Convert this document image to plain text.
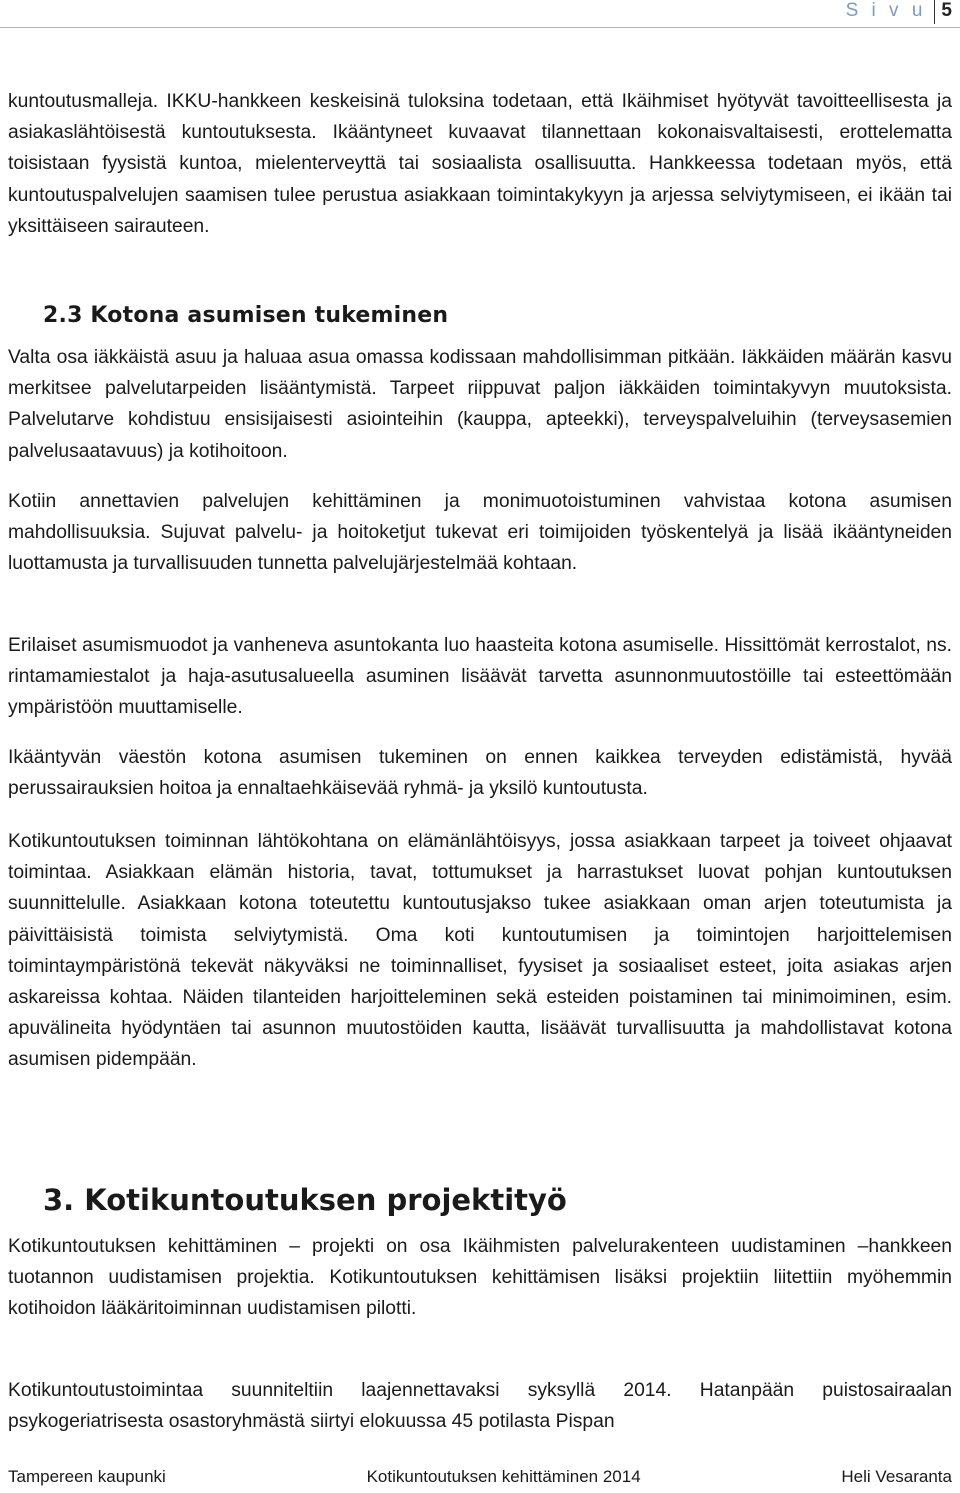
S i v u 5

kuntoutusmalleja. IKKU-hankkeen keskeisinä tuloksina todetaan, että Ikäihmiset hyötyvät tavoitteellisesta ja asiakaslähtöisestä kuntoutuksesta. Ikääntyneet kuvaavat tilannettaan kokonaisvaltaisesti, erottelematta toisistaan fyysistä kuntoa, mielenterveyttä tai sosiaalista osallisuutta. Hankkeessa todetaan myös, että kuntoutuspalvelujen saamisen tulee perustua asiakkaan toimintakykyyn ja arjessa selviytymiseen, ei ikään tai yksittäiseen sairauteen.

2.3 Kotona asumisen tukeminen

Valta osa iäkkäistä asuu ja haluaa asua omassa kodissaan mahdollisimman pitkään. Iäkkäiden määrän kasvu merkitsee palvelutarpeiden lisääntymistä. Tarpeet riippuvat paljon iäkkäiden toimintakyvyn muutoksista. Palvelutarve kohdistuu ensisijaisesti asiointeihin (kauppa, apteekki), terveyspalveluihin (terveysasemien palvelusaatavuus) ja kotihoitoon.

Kotiin annettavien palvelujen kehittäminen ja monimuotoistuminen vahvistaa kotona asumisen mahdollisuuksia. Sujuvat palvelu- ja hoitoketjut tukevat eri toimijoiden työskentelyä ja lisää ikääntyneiden luottamusta ja turvallisuuden tunnetta palvelujärjestelmää kohtaan.

Erilaiset asumismuodot ja vanheneva asuntokanta luo haasteita kotona asumiselle. Hissittömät kerrostalot, ns. rintamamiestalot ja haja-asutusalueella asuminen lisäävät tarvetta asunnonmuutostöille tai esteettömään ympäristöön muuttamiselle.

Ikääntyvän väestön kotona asumisen tukeminen on ennen kaikkea terveyden edistämistä, hyvää perussairauksien hoitoa ja ennaltaehkäisevää ryhmä- ja yksilö kuntoutusta.

Kotikuntoutuksen toiminnan lähtökohtana on elämänlähtöisyys, jossa asiakkaan tarpeet ja toiveet ohjaavat toimintaa. Asiakkaan elämän historia, tavat, tottumukset ja harrastukset luovat pohjan kuntoutuksen suunnittelulle. Asiakkaan kotona toteutettu kuntoutusjakso tukee asiakkaan oman arjen toteutumista ja päivittäisistä toimista selviytymistä. Oma koti kuntoutumisen ja toimintojen harjoittelemisen toimintaympäristönä tekevät näkyväksi ne toiminnalliset, fyysiset ja sosiaaliset esteet, joita asiakas arjen askareissa kohtaa. Näiden tilanteiden harjoitteleminen sekä esteiden poistaminen tai minimoiminen, esim. apuvälineita hyödyntäen tai asunnon muutostöiden kautta, lisäävät turvallisuutta ja mahdollistavat kotona asumisen pidempään.

3. Kotikuntoutuksen projektityö

Kotikuntoutuksen kehittäminen – projekti on osa Ikäihmisten palvelurakenteen uudistaminen –hankkeen tuotannon uudistamisen projektia. Kotikuntoutuksen kehittämisen lisäksi projektiin liitettiin myöhemmin kotihoidon lääkäritoiminnan uudistamisen pilotti.

Kotikuntoutustoimintaa suunniteltiin laajennettavaksi syksyllä 2014. Hatanpään puistosairaalan psykogeriatrisesta osastoryhmästä siirtyi elokuussa 45 potilasta Pispan

Tampereen kaupunki	Kotikuntoutuksen kehittäminen 2014	Heli Vesaranta
